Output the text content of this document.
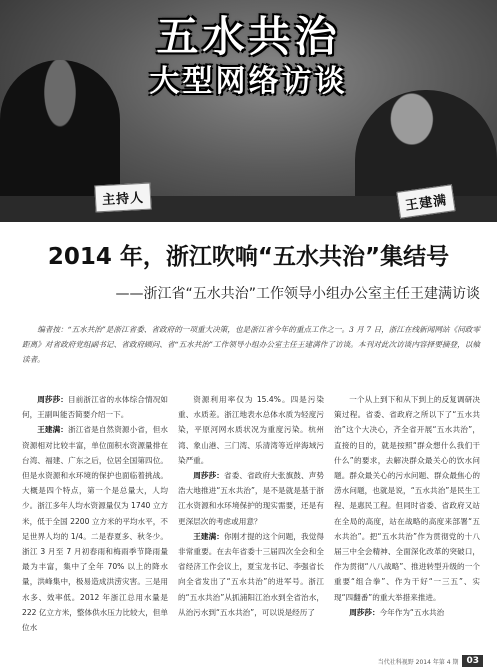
五水共治
大型网络访谈
主持人	王建满
2014 年，浙江吹响“五水共治”集结号
——浙江省“五水共治”工作领导小组办公室主任王建满访谈
编者按：“五水共治”是浙江省委、省政府的一项重大决策，也是浙江省今年的重点工作之一。3 月 7 日，浙江在线新闻网站《问政零距离》对省政府党组副书记、省政府顾问、省“五水共治”工作领导小组办公室主任王建满作了访谈。本刊对此次访谈内容择要摘登，以飨读者。

周莎莎：目前浙江省的水体综合情况如何，王副叫能否简要介绍一下。

王建满：浙江省是自然资源小省，但水资源相对比较丰富，单位面积水资源量排在台湾、福建、广东之后，位居全国第四位。但是水资源和水环境的保护也面临着挑战。大概是四个特点，第一个是总量大，人均少。浙江多年人均水资源量仅为 1740 立方米，低于全国 2200 立方米的平均水平，不足世界人均的 1/4。二是春夏多、秋冬少。浙江 3 月至 7 月初春雨和梅雨季节降雨量最为丰富，集中了全年 70% 以上的降水量，洪峰集中，极易造成洪涝灾害。三是用水多、效率低。2012 年浙江总用水量是 222 亿立方米，整体供水压力比较大，但单位水

资源利用率仅为 15.4%。四是污染重、水质差。浙江地表水总体水质为轻度污染，平原河网水质状况为重度污染。杭州湾、象山港、三门湾、乐清湾等近岸海域污染严重。

周莎莎：省委、省政府大张旗鼓、声势浩大地推进“五水共治”，是不是就是基于浙江水资源和水环境保护的现实需要，还是有更深层次的考虑或用意？

王建满：你刚才提的这个问题，我觉得非常重要。在去年省委十三届四次全会和全省经济工作会议上，夏宝龙书记、李强省长向全省发出了“五水共治”的进军号。浙江的“五水共治”从抓浦阳江治水到全省治水，从治污水到“五水共治”，可以说是经历了

一个从上到下和从下到上的反复调研决策过程。省委、省政府之所以下了“五水共治”这个大决心，齐全省开展“五水共治”，直接的目的，就是按照“群众想什么我们干什么”的要求，去解决群众最关心的饮水问题。群众最关心的污水问题、群众最焦心的涝水问题，也就是说，“五水共治”是民生工程、是惠民工程。但同时省委、省政府又站在全局的高度，站在战略的高度来部署“五水共治”。把“五水共治”作为贯彻党的十八届三中全会精神、全面深化改革的突破口，作为贯彻“八八战略”、推进转型升级的一个重要“组合拳”、作为干好“一三五”、实现“四翻番”的重大举措来推进。

周莎莎：今年作为“五水共治

当代社科视野 2014 年第 4 期 03
